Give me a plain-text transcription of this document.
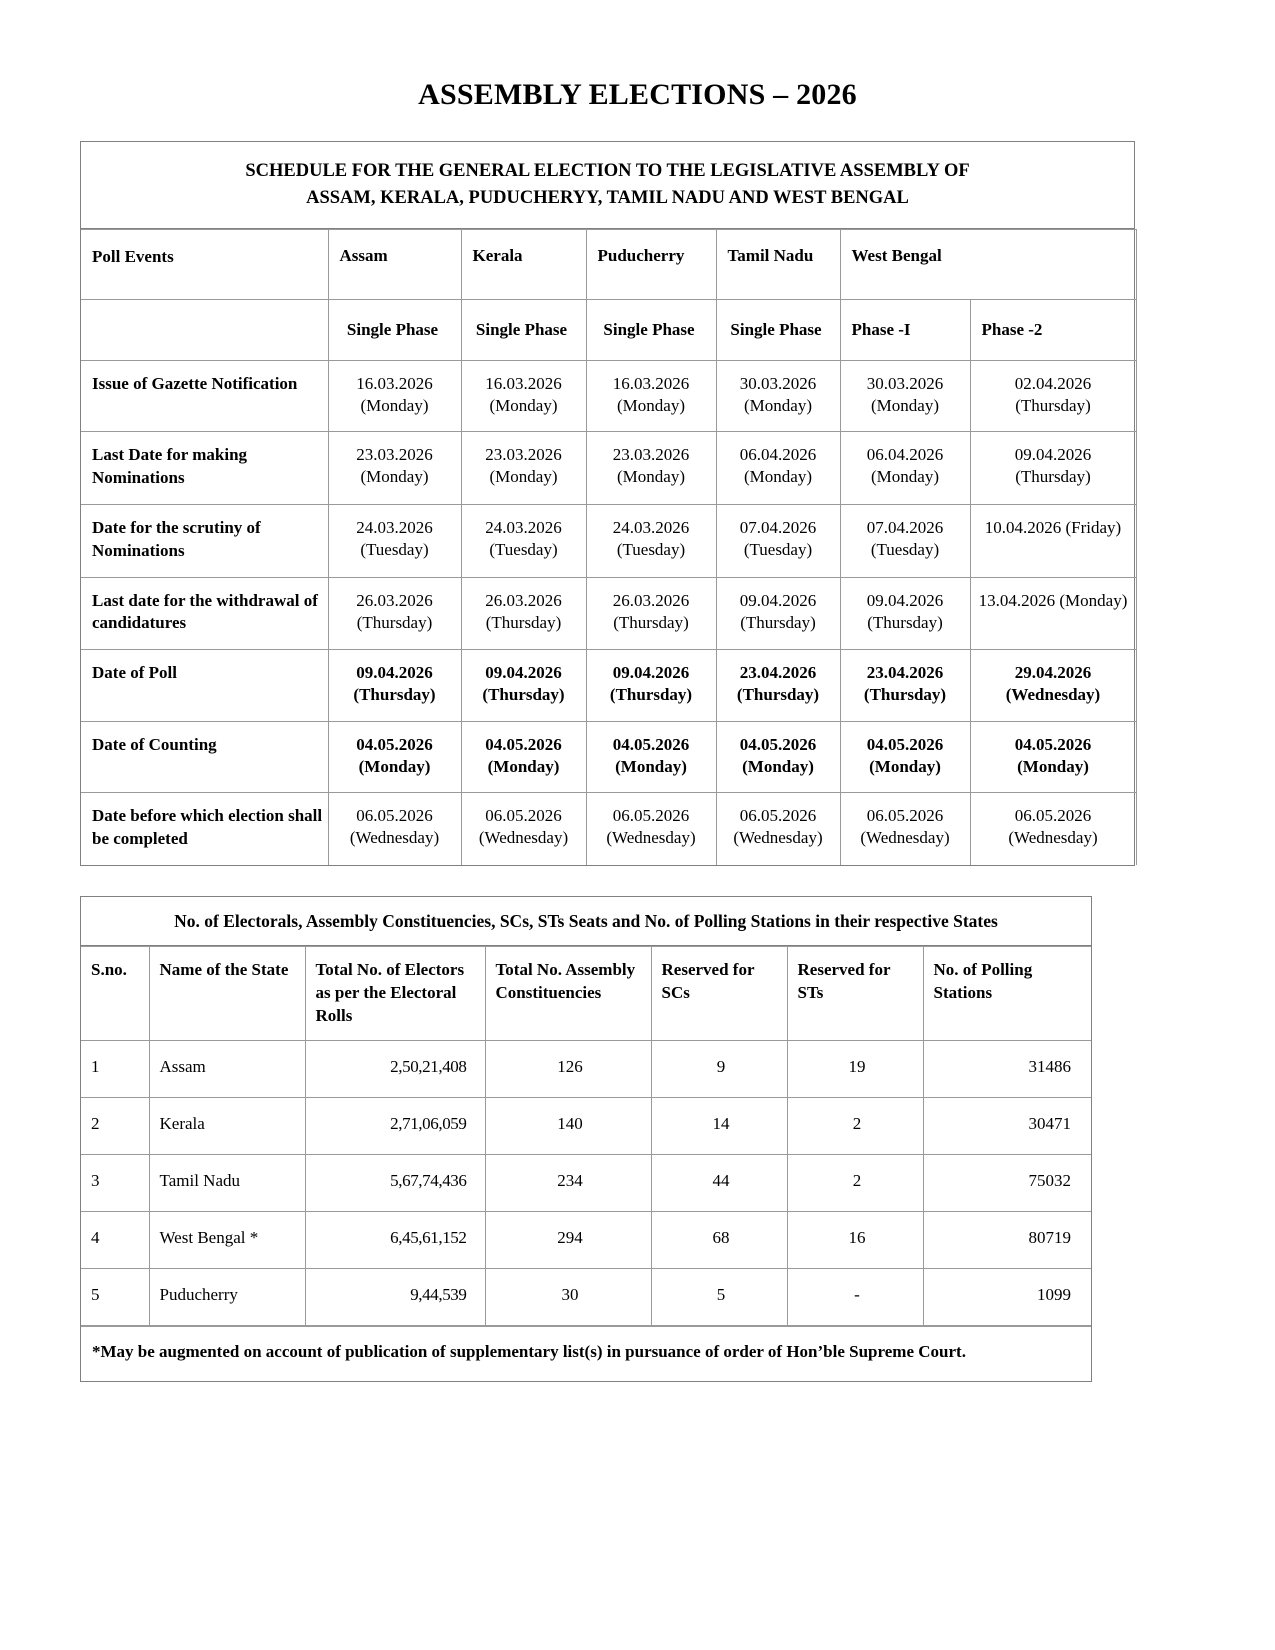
ASSEMBLY ELECTIONS – 2026
SCHEDULE FOR THE GENERAL ELECTION TO THE LEGISLATIVE ASSEMBLY OF
ASSAM, KERALA, PUDUCHERYY, TAMIL NADU AND WEST BENGAL
Poll Events	Assam	Kerala	Puducherry	Tamil Nadu	West Bengal	
	Single Phase	Single Phase	Single Phase	Single Phase	Phase -I	Phase -2
Issue of Gazette Notification	16.03.2026 (Monday)	16.03.2026 (Monday)	16.03.2026 (Monday)	30.03.2026 (Monday)	30.03.2026 (Monday)	02.04.2026 (Thursday)
Last Date for making Nominations	23.03.2026 (Monday)	23.03.2026 (Monday)	23.03.2026 (Monday)	06.04.2026 (Monday)	06.04.2026 (Monday)	09.04.2026 (Thursday)
Date for the scrutiny of Nominations	24.03.2026 (Tuesday)	24.03.2026 (Tuesday)	24.03.2026 (Tuesday)	07.04.2026 (Tuesday)	07.04.2026 (Tuesday)	10.04.2026 (Friday)
Last date for the withdrawal of candidatures	26.03.2026 (Thursday)	26.03.2026 (Thursday)	26.03.2026 (Thursday)	09.04.2026 (Thursday)	09.04.2026 (Thursday)	13.04.2026 (Monday)
Date of Poll	09.04.2026 (Thursday)	09.04.2026 (Thursday)	09.04.2026 (Thursday)	23.04.2026 (Thursday)	23.04.2026 (Thursday)	29.04.2026 (Wednesday)
Date of Counting	04.05.2026 (Monday)	04.05.2026 (Monday)	04.05.2026 (Monday)	04.05.2026 (Monday)	04.05.2026 (Monday)	04.05.2026 (Monday)
Date before which election shall be completed	06.05.2026 (Wednesday)	06.05.2026 (Wednesday)	06.05.2026 (Wednesday)	06.05.2026 (Wednesday)	06.05.2026 (Wednesday)	06.05.2026 (Wednesday)
No. of Electorals, Assembly Constituencies, SCs, STs Seats and No. of Polling Stations in their respective States
S.no.	Name of the State	Total No. of Electors as per the Electoral Rolls	Total No. Assembly Constituencies	Reserved for SCs	Reserved for STs	No. of Polling Stations
1	Assam	2,50,21,408	126	9	19	31486
2	Kerala	2,71,06,059	140	14	2	30471
3	Tamil Nadu	5,67,74,436	234	44	2	75032
4	West Bengal *	6,45,61,152	294	68	16	80719
5	Puducherry	9,44,539	30	5	-	1099
*May be augmented on account of publication of supplementary list(s) in pursuance of order of Hon’ble Supreme Court.
